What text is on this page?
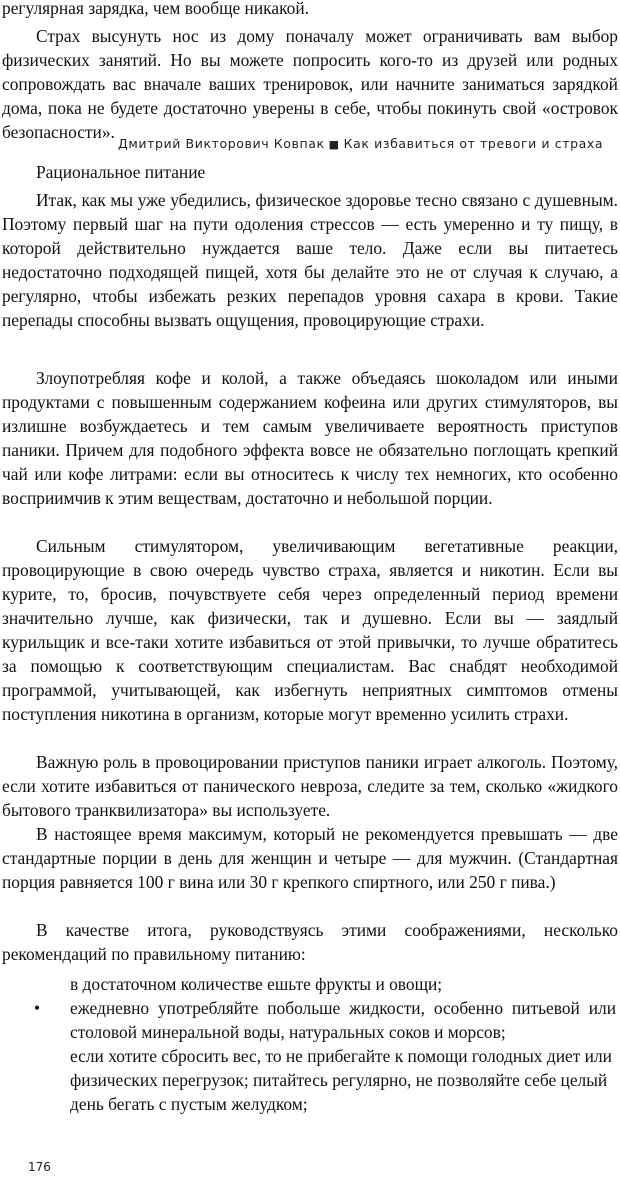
регулярная зарядка, чем вообще никакой.

Страх высунуть нос из дому поначалу может ограничивать вам выбор физических занятий. Но вы можете попросить кого-то из друзей или родных сопровождать вас вначале ваших тренировок, или начните заниматься зарядкой дома, пока не будете достаточно уверены в себе, чтобы покинуть свой «островок безопасности».

Дмитрий Викторович Ковпак ■ Как избавиться от тревоги и страха
Рациональное питание

Итак, как мы уже убедились, физическое здоровье тесно связано с душевным. Поэтому первый шаг на пути одоления стрессов — есть умеренно и ту пищу, в которой действительно нуждается ваше тело. Даже если вы питаетесь недостаточно подходящей пищей, хотя бы делайте это не от случая к случаю, а регулярно, чтобы избежать резких перепадов уровня сахара в крови. Такие перепады способны вызвать ощущения, провоцирующие страхи.

Злоупотребляя кофе и колой, а также объедаясь шоколадом или иными продуктами с повышенным содержанием кофеина или других стимуляторов, вы излишне возбуждаетесь и тем самым увеличиваете вероятность приступов паники. Причем для подобного эффекта вовсе не обязательно поглощать крепкий чай или кофе литрами: если вы относитесь к числу тех немногих, кто особенно восприимчив к этим веществам, достаточно и небольшой порции.

Сильным стимулятором, увеличивающим вегетативные реакции, провоцирующие в свою очередь чувство страха, является и никотин. Если вы курите, то, бросив, почувствуете себя через определенный период времени значительно лучше, как физически, так и душевно. Если вы — заядлый курильщик и все-таки хотите избавиться от этой привычки, то лучше обратитесь за помощью к соответствующим специалистам. Вас снабдят необходимой программой, учитывающей, как избегнуть неприятных симптомов отмены поступления никотина в организм, которые могут временно усилить страхи.

Важную роль в провоцировании приступов паники играет алкоголь. Поэтому, если хотите избавиться от панического невроза, следите за тем, сколько «жидкого бытового транквилизатора» вы используете.

В настоящее время максимум, который не рекомендуется превышать — две стандартные порции в день для женщин и четыре — для мужчин. (Стандартная порция равняется 100 г вина или 30 г крепкого спиртного, или 250 г пива.)

В качестве итога, руководствуясь этими соображениями, несколько рекомендаций по правильному питанию:

в достаточном количестве ешьте фрукты и овощи;
• ежедневно употребляйте побольше жидкости, особенно питьевой или столовой минеральной воды, натуральных соков и морсов;
если хотите сбросить вес, то не прибегайте к помощи голодных диет или физических перегрузок; питайтесь регулярно, не позволяйте себе целый день бегать с пустым желудком;
176
